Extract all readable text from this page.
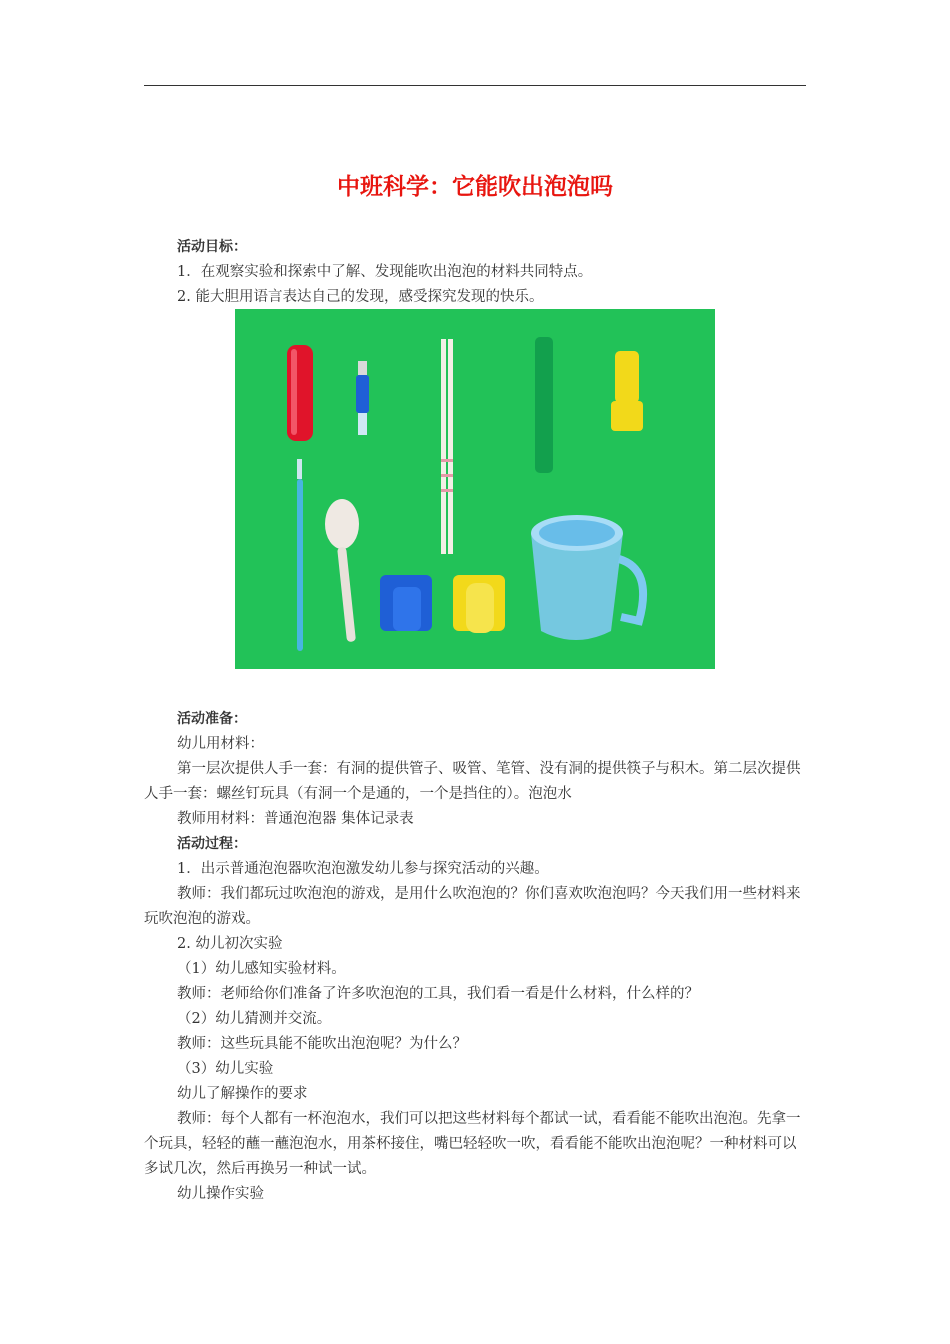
中班科学：它能吹出泡泡吗

活动目标：

1．在观察实验和探索中了解、发现能吹出泡泡的材料共同特点。

2. 能大胆用语言表达自己的发现，感受探究发现的快乐。

活动准备：

幼儿用材料：

第一层次提供人手一套：有洞的提供管子、吸管、笔管、没有洞的提供筷子与积木。第二层次提供人手一套：螺丝钉玩具（有洞一个是通的，一个是挡住的）。泡泡水

教师用材料：普通泡泡器 集体记录表

活动过程：

1．出示普通泡泡器吹泡泡激发幼儿参与探究活动的兴趣。

教师：我们都玩过吹泡泡的游戏，是用什么吹泡泡的？你们喜欢吹泡泡吗？今天我们用一些材料来玩吹泡泡的游戏。

2. 幼儿初次实验

（1）幼儿感知实验材料。

教师：老师给你们准备了许多吹泡泡的工具，我们看一看是什么材料，什么样的？

（2）幼儿猜测并交流。

教师：这些玩具能不能吹出泡泡呢？为什么？

（3）幼儿实验

幼儿了解操作的要求

教师：每个人都有一杯泡泡水，我们可以把这些材料每个都试一试，看看能不能吹出泡泡。先拿一个玩具，轻轻的蘸一蘸泡泡水，用茶杯接住，嘴巴轻轻吹一吹，看看能不能吹出泡泡呢？一种材料可以多试几次，然后再换另一种试一试。

幼儿操作实验
